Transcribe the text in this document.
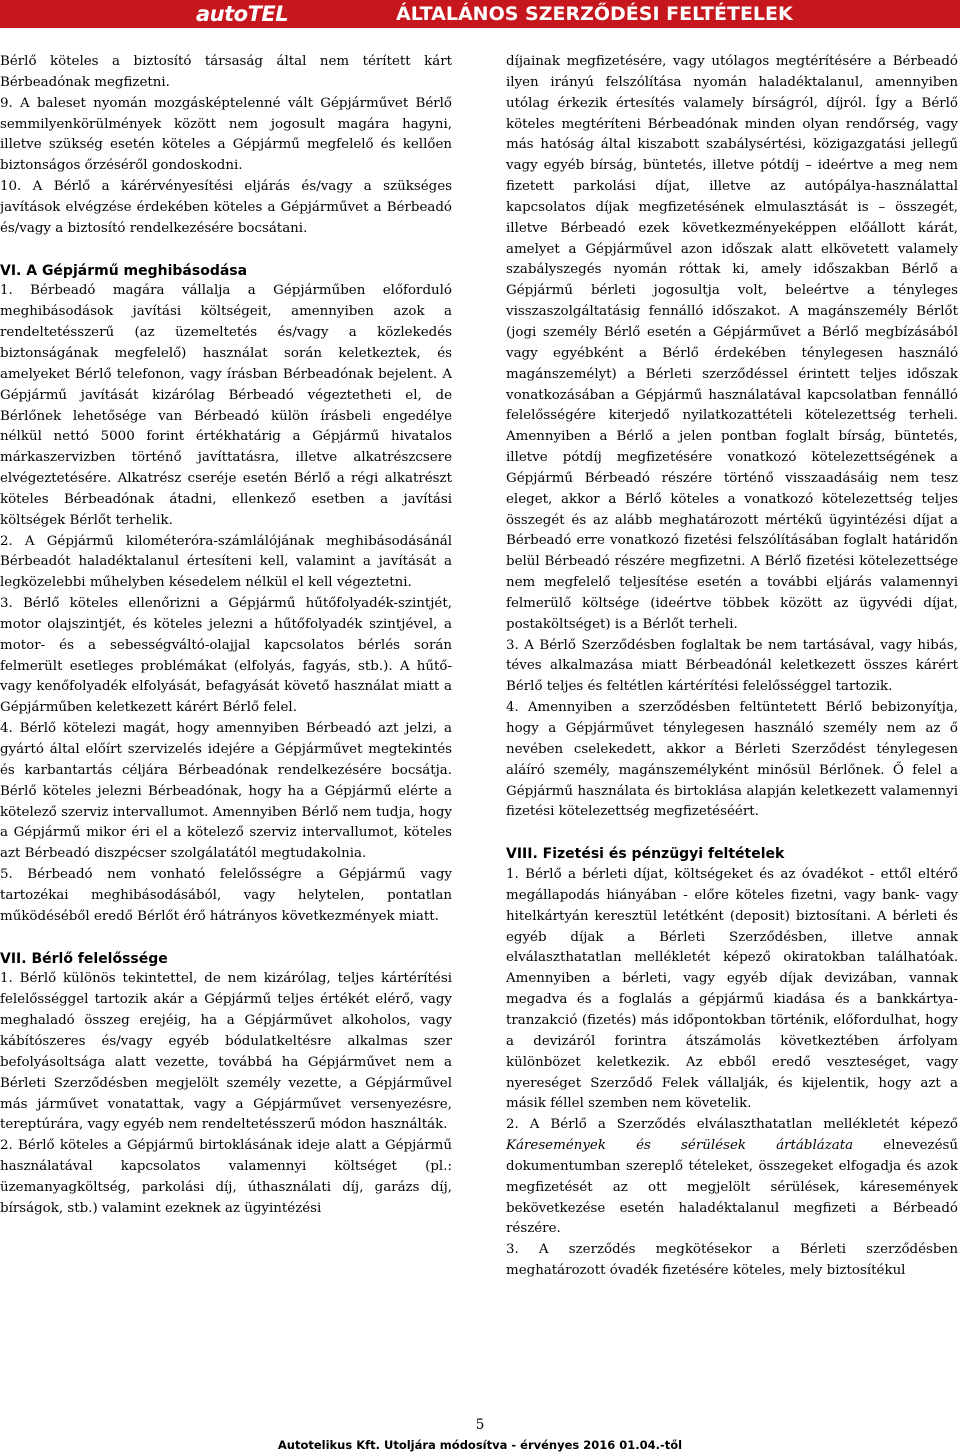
autoTEL	ÁLTALÁNOS SZERZŐDÉSI FELTÉTELEK

Bérlő köteles a biztosító társaság által nem térített kárt Bérbeadónak megfizetni.

9. A baleset nyomán mozgásképtelenné vált Gépjárművet Bérlő semmilyenkörülmények között nem jogosult magára hagyni, illetve szükség esetén köteles a Gépjármű megfelelő és kellően biztonságos őrzéséről gondoskodni.

10. A Bérlő a kárérvényesítési eljárás és/vagy a szükséges javítások elvégzése érdekében köteles a Gépjárművet a Bérbeadó és/vagy a biztosító rendelkezésére bocsátani.

VI. A Gépjármű meghibásodása

1. Bérbeadó magára vállalja a Gépjárműben előforduló meghibásodások javítási költségeit, amennyiben azok a rendeltetésszerű (az üzemeltetés és/vagy a közlekedés biztonságának megfelelő) használat során keletkeztek, és amelyeket Bérlő telefonon, vagy írásban Bérbeadónak bejelent. A Gépjármű javítását kizárólag Bérbeadó végeztetheti el, de Bérlőnek lehetősége van Bérbeadó külön írásbeli engedélye nélkül nettó 5000 forint értékhatárig a Gépjármű hivatalos márkaszervizben történő javíttatásra, illetve alkatrészcsere elvégeztetésére. Alkatrész cseréje esetén Bérlő a régi alkatrészt köteles Bérbeadónak átadni, ellenkező esetben a javítási költségek Bérlőt terhelik.

2. A Gépjármű kilométeróra-számlálójának meghibásodásánál Bérbeadót haladéktalanul értesíteni kell, valamint a javítását a legközelebbi műhelyben késedelem nélkül el kell végeztetni.

3. Bérlő köteles ellenőrizni a Gépjármű hűtőfolyadék-szintjét, motor olajszintjét, és köteles jelezni a hűtőfolyadék szintjével, a motor- és a sebességváltó-olajjal kapcsolatos bérlés során felmerült esetleges problémákat (elfolyás, fagyás, stb.). A hűtő- vagy kenőfolyadék elfolyását, befagyását követő használat miatt a Gépjárműben keletkezett kárért Bérlő felel.

4. Bérlő kötelezi magát, hogy amennyiben Bérbeadó azt jelzi, a gyártó által előírt szervizelés idejére a Gépjárművet megtekintés és karbantartás céljára Bérbeadónak rendelkezésére bocsátja. Bérlő köteles jelezni Bérbeadónak, hogy ha a Gépjármű elérte a kötelező szerviz intervallumot. Amennyiben Bérlő nem tudja, hogy a Gépjármű mikor éri el a kötelező szerviz intervallumot, köteles azt Bérbeadó diszpécser szolgálatától megtudakolnia.

5. Bérbeadó nem vonható felelősségre a Gépjármű vagy tartozékai meghibásodásából, vagy helytelen, pontatlan működéséből eredő Bérlőt érő hátrányos következmények miatt.

VII. Bérlő felelőssége

1. Bérlő különös tekintettel, de nem kizárólag, teljes kártérítési felelősséggel tartozik akár a Gépjármű teljes értékét elérő, vagy meghaladó összeg erejéig, ha a Gépjárművet alkoholos, vagy kábítószeres és/vagy egyéb bódulatkeltésre alkalmas szer befolyásoltsága alatt vezette, továbbá ha Gépjárművet nem a Bérleti Szerződésben megjelölt személy vezette, a Gépjárművel más járművet vonatattak, vagy a Gépjárművet versenyezésre, tereptúrára, vagy egyéb nem rendeltetésszerű módon használták.

2. Bérlő köteles a Gépjármű birtoklásának ideje alatt a Gépjármű használatával kapcsolatos valamennyi költséget (pl.: üzemanyagköltség, parkolási díj, úthasználati díj, garázs díj, bírságok, stb.) valamint ezeknek az ügyintézési

díjainak megfizetésére, vagy utólagos megtérítésére a Bérbeadó ilyen irányú felszólítása nyomán haladéktalanul, amennyiben utólag érkezik értesítés valamely bírságról, díjról. Így a Bérlő köteles megtéríteni Bérbeadónak minden olyan rendőrség, vagy más hatóság által kiszabott szabálysértési, közigazgatási jellegű vagy egyéb bírság, büntetés, illetve pótdíj – ideértve a meg nem fizetett parkolási díjat, illetve az autópálya-használattal kapcsolatos díjak megfizetésének elmulasztását is – összegét, illetve Bérbeadó ezek következményeképpen előállott kárát, amelyet a Gépjárművel azon időszak alatt elkövetett valamely szabályszegés nyomán róttak ki, amely időszakban Bérlő a Gépjármű bérleti jogosultja volt, beleértve a tényleges visszaszolgáltatásig fennálló időszakot. A magánszemély Bérlőt (jogi személy Bérlő esetén a Gépjárművet a Bérlő megbízásából vagy egyébként a Bérlő érdekében ténylegesen használó magánszemélyt) a Bérleti szerződéssel érintett teljes időszak vonatkozásában a Gépjármű használatával kapcsolatban fennálló felelősségére kiterjedő nyilatkozattételi kötelezettség terheli. Amennyiben a Bérlő a jelen pontban foglalt bírság, büntetés, illetve pótdíj megfizetésére vonatkozó kötelezettségének a Gépjármű Bérbeadó részére történő visszaadásáig nem tesz eleget, akkor a Bérlő köteles a vonatkozó kötelezettség teljes összegét és az alább meghatározott mértékű ügyintézési díjat a Bérbeadó erre vonatkozó fizetési felszólításában foglalt határidőn belül Bérbeadó részére megfizetni. A Bérlő fizetési kötelezettsége nem megfelelő teljesítése esetén a további eljárás valamennyi felmerülő költsége (ideértve többek között az ügyvédi díjat, postaköltséget) is a Bérlőt terheli.

3. A Bérlő Szerződésben foglaltak be nem tartásával, vagy hibás, téves alkalmazása miatt Bérbeadónál keletkezett összes kárért Bérlő teljes és feltétlen kártérítési felelősséggel tartozik.

4. Amennyiben a szerződésben feltüntetett Bérlő bebizonyítja, hogy a Gépjárművet ténylegesen használó személy nem az ő nevében cselekedett, akkor a Bérleti Szerződést ténylegesen aláíró személy, magánszemélyként minősül Bérlőnek. Ő felel a Gépjármű használata és birtoklása alapján keletkezett valamennyi fizetési kötelezettség megfizetéséért.

VIII. Fizetési és pénzügyi feltételek

1. Bérlő a bérleti díjat, költségeket és az óvadékot - ettől eltérő megállapodás hiányában - előre köteles fizetni, vagy bank- vagy hitelkártyán keresztül letétként (deposit) biztosítani. A bérleti és egyéb díjak a Bérleti Szerződésben, illetve annak elválaszthatatlan mellékletét képező okiratokban találhatóak. Amennyiben a bérleti, vagy egyéb díjak devizában, vannak megadva és a foglalás a gépjármű kiadása és a bankkártya-tranzakció (fizetés) más időpontokban történik, előfordulhat, hogy a devizáról forintra átszámolás következtében árfolyam különbözet keletkezik. Az ebből eredő veszteséget, vagy nyereséget Szerződő Felek vállalják, és kijelentik, hogy azt a másik féllel szemben nem követelik.

2. A Bérlő a Szerződés elválaszthatatlan mellékletét képező Káresemények és sérülések ártáblázata elnevezésű dokumentumban szereplő tételeket, összegeket elfogadja és azok megfizetését az ott megjelölt sérülések, káresemények bekövetkezése esetén haladéktalanul megfizeti a Bérbeadó részére.

3. A szerződés megkötésekor a Bérleti szerződésben meghatározott óvadék fizetésére köteles, mely biztosítékul

5
Autotelikus Kft. Utoljára módosítva - érvényes 2016 01.04.-től
